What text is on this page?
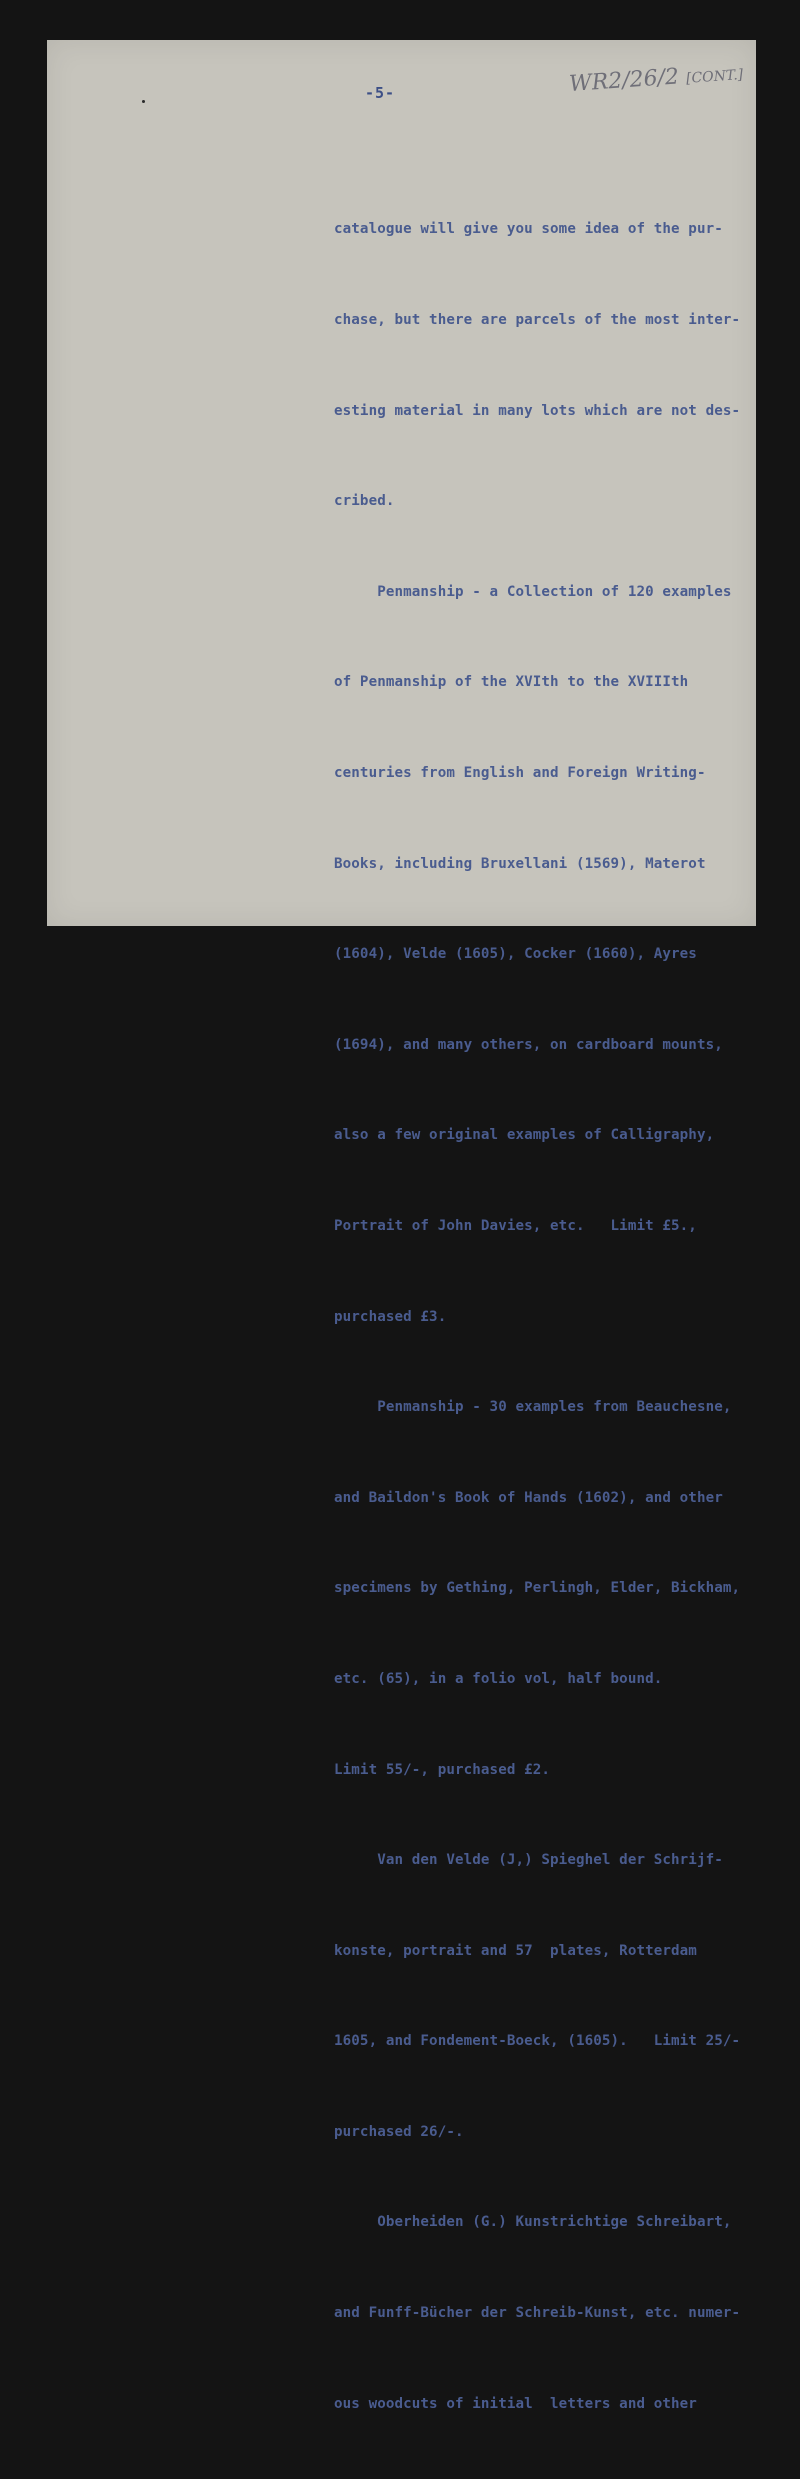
-5-	WR2/26/2 [CONT.]

catalogue will give you some idea of the pur-

chase, but there are parcels of the most inter-

esting material in many lots which are not des-

cribed.

Penmanship - a Collection of 120 examples

of Penmanship of the XVIth to the XVIIIth

centuries from English and Foreign Writing-

Books, including Bruxellani (1569), Materot

(1604), Velde (1605), Cocker (1660), Ayres

(1694), and many others, on cardboard mounts,

also a few original examples of Calligraphy,

Portrait of John Davies, etc.   Limit £5.,

purchased £3.

Penmanship - 30 examples from Beauchesne,

and Baildon's Book of Hands (1602), and other

specimens by Gething, Perlingh, Elder, Bickham,

etc. (65), in a folio vol, half bound.

Limit 55/-, purchased £2.

Van den Velde (J,) Spieghel der Schrijf-

konste, portrait and 57  plates, Rotterdam

1605, and Fondement-Boeck, (1605).   Limit 25/-

purchased 26/-.

Oberheiden (G.) Kunstrichtige Schreibart,

and Funff-Bücher der Schreib-Kunst, etc. numer-

ous woodcuts of initial  letters and other
